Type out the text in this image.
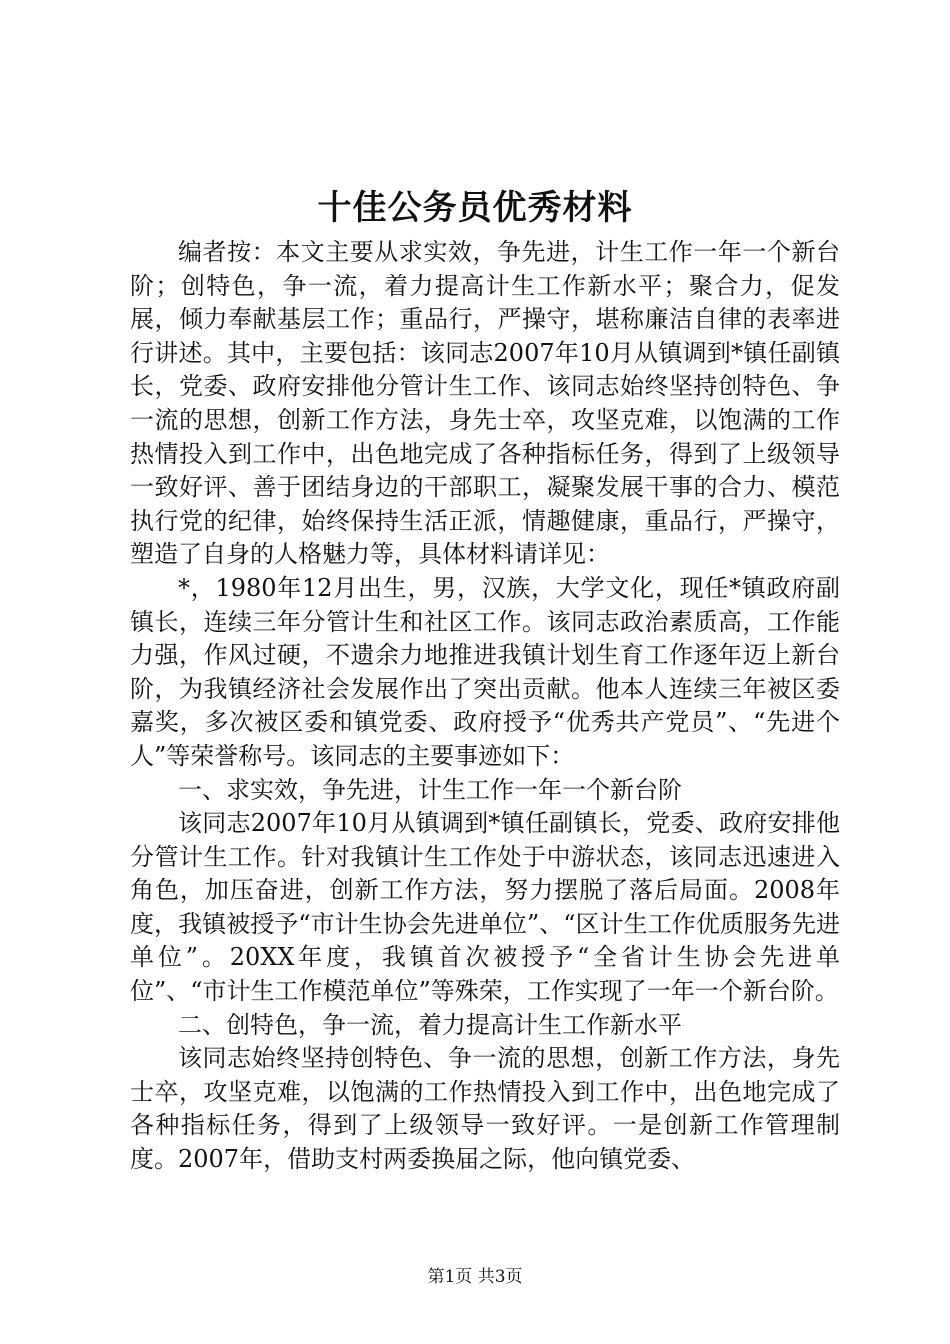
十佳公务员优秀材料

编者按：本文主要从求实效，争先进，计生工作一年一个新台阶；创特色，争一流，着力提高计生工作新水平；聚合力，促发展，倾力奉献基层工作；重品行，严操守，堪称廉洁自律的表率进行讲述。其中，主要包括：该同志2007年10月从镇调到*镇任副镇长，党委、政府安排他分管计生工作、该同志始终坚持创特色、争一流的思想，创新工作方法，身先士卒，攻坚克难，以饱满的工作热情投入到工作中，出色地完成了各种指标任务，得到了上级领导一致好评、善于团结身边的干部职工，凝聚发展干事的合力、模范执行党的纪律，始终保持生活正派，情趣健康，重品行，严操守，塑造了自身的人格魅力等，具体材料请详见：

*，1980年12月出生，男，汉族，大学文化，现任*镇政府副镇长，连续三年分管计生和社区工作。该同志政治素质高，工作能力强，作风过硬，不遗余力地推进我镇计划生育工作逐年迈上新台阶，为我镇经济社会发展作出了突出贡献。他本人连续三年被区委嘉奖，多次被区委和镇党委、政府授予“优秀共产党员”、“先进个人”等荣誉称号。该同志的主要事迹如下：

一、求实效，争先进，计生工作一年一个新台阶

该同志2007年10月从镇调到*镇任副镇长，党委、政府安排他分管计生工作。针对我镇计生工作处于中游状态，该同志迅速进入角色，加压奋进，创新工作方法，努力摆脱了落后局面。2008年度，我镇被授予“市计生协会先进单位”、“区计生工作优质服务先进单位”。20XX年度，我镇首次被授予“全省计生协会先进单位”、“市计生工作模范单位”等殊荣，工作实现了一年一个新台阶。

二、创特色，争一流，着力提高计生工作新水平

该同志始终坚持创特色、争一流的思想，创新工作方法，身先士卒，攻坚克难，以饱满的工作热情投入到工作中，出色地完成了各种指标任务，得到了上级领导一致好评。一是创新工作管理制度。2007年，借助支村两委换届之际，他向镇党委、

第1页 共3页
